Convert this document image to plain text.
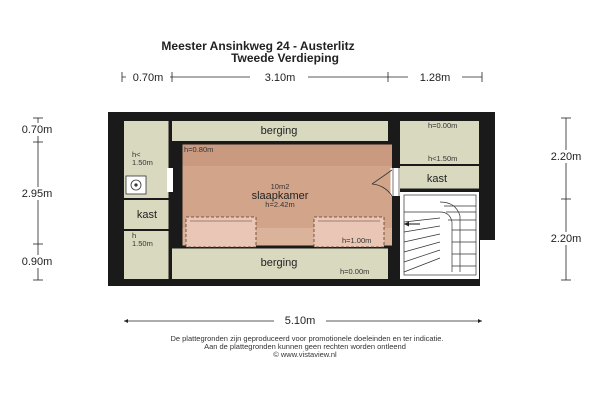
Meester Ansinkweg 24 - Austerlitz
Tweede Verdieping
0.70m	3.10m	1.28m
0.70m
2.95m
0.90m
2.20m
2.20m
berging
berging
10m2
slaapkamer
h=2.42m
kast
kast
h=0.80m
h=0.00m
h<1.50m
h<
1.50m
h
1.50m	h=1.00m
h=0.00m
5.10m
De plattegronden zijn geproduceerd voor promotionele doeleinden en ter indicatie.
Aan de plattegronden kunnen geen rechten worden ontleend
© www.vistaview.nl
